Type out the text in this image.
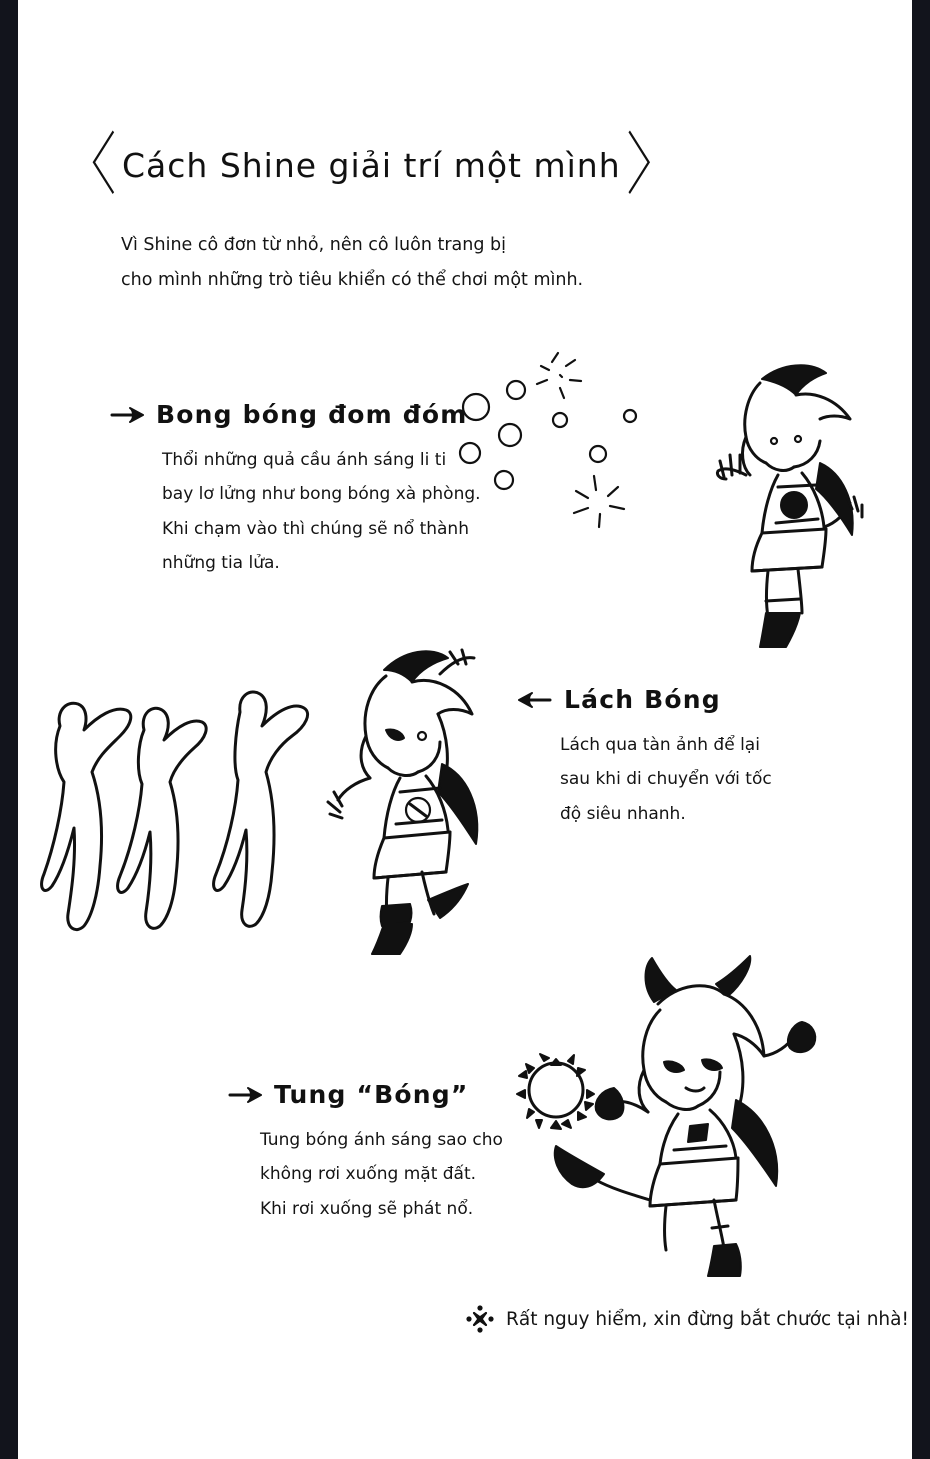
〈 Cách Shine giải trí một mình 〉
Vì Shine cô đơn từ nhỏ, nên cô luôn trang bị
cho mình những trò tiêu khiển có thể chơi một mình.
Bong bóng đom đóm
Thổi những quả cầu ánh sáng li ti
bay lơ lửng như bong bóng xà phòng.
Khi chạm vào thì chúng sẽ nổ thành
những tia lửa.
Lách Bóng
Lách qua tàn ảnh để lại
sau khi di chuyển với tốc
độ siêu nhanh.
Tung “Bóng”
Tung bóng ánh sáng sao cho
không rơi xuống mặt đất.
Khi rơi xuống sẽ phát nổ.
Rất nguy hiểm, xin đừng bắt chước tại nhà!
